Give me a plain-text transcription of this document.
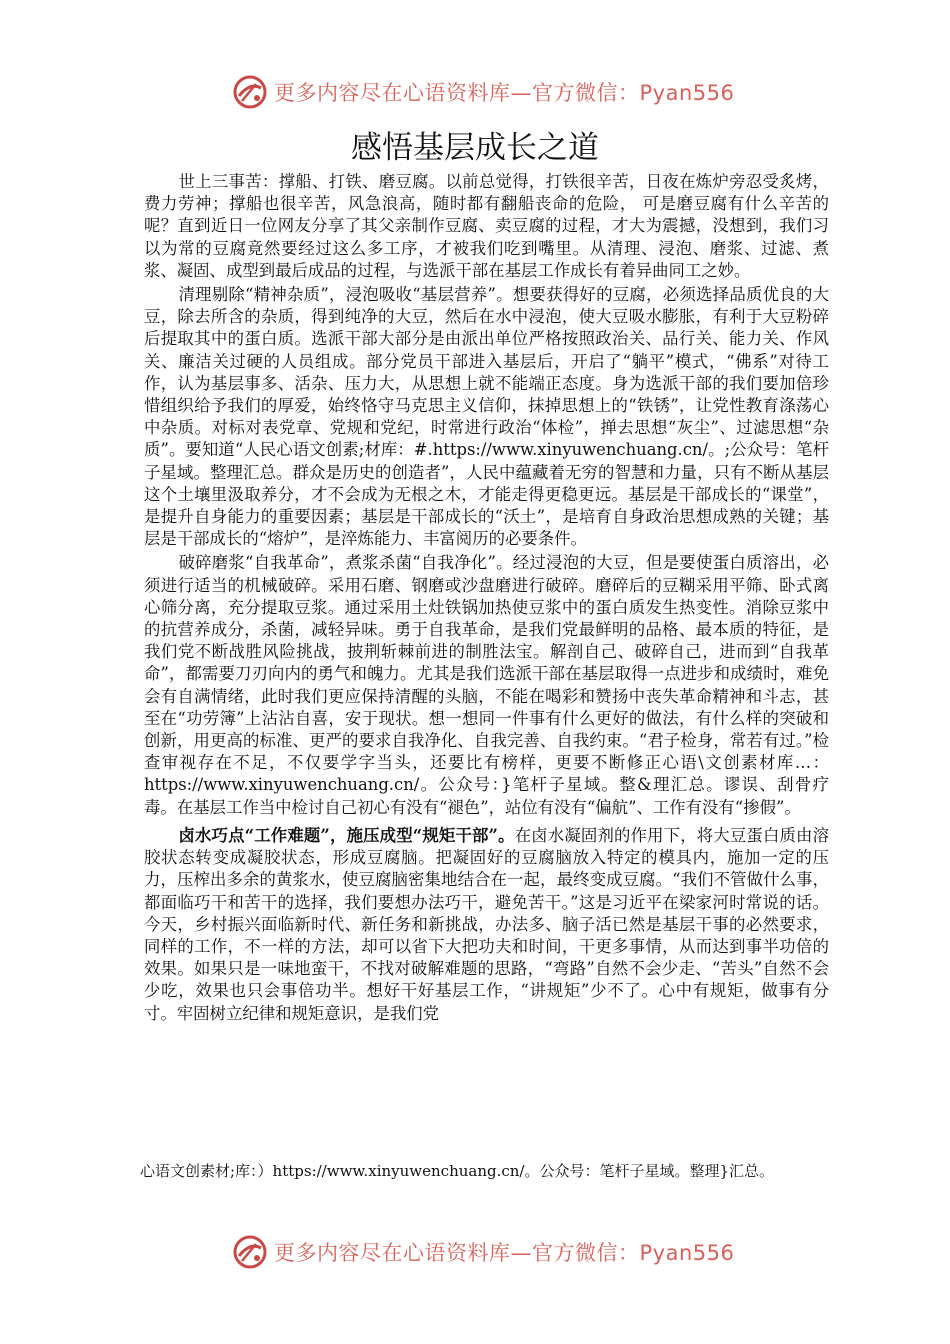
更多内容尽在心语资料库—官方微信：Pyan556
感悟基层成长之道

世上三事苦：撑船、打铁、磨豆腐。以前总觉得，打铁很辛苦，日夜在炼炉旁忍受炙烤，费力劳神；撑船也很辛苦，风急浪高，随时都有翻船丧命的危险， 可是磨豆腐有什么辛苦的呢？直到近日一位网友分享了其父亲制作豆腐、卖豆腐的过程，才大为震撼，没想到，我们习以为常的豆腐竟然要经过这么多工序，才被我们吃到嘴里。从清理、浸泡、磨浆、过滤、煮浆、凝固、成型到最后成品的过程，与选派干部在基层工作成长有着异曲同工之妙。

清理剔除“精神杂质”，浸泡吸收“基层营养”。想要获得好的豆腐，必须选择品质优良的大豆，除去所含的杂质，得到纯净的大豆，然后在水中浸泡，使大豆吸水膨胀，有利于大豆粉碎后提取其中的蛋白质。选派干部大部分是由派出单位严格按照政治关、品行关、能力关、作风关、廉洁关过硬的人员组成。部分党员干部进入基层后，开启了“躺平”模式，“佛系”对待工作，认为基层事多、活杂、压力大，从思想上就不能端正态度。身为选派干部的我们要加倍珍惜组织给予我们的厚爱，始终恪守马克思主义信仰，抹掉思想上的“铁锈”，让党性教育涤荡心中杂质。对标对表党章、党规和党纪，时常进行政治“体检”，掸去思想“灰尘”、过滤思想“杂质”。要知道“人民心语文创素;材库：#.https://www.xinyuwenchuang.cn/。;公众号：笔杆子星域。整理汇总。群众是历史的创造者”，人民中蕴藏着无穷的智慧和力量，只有不断从基层这个土壤里汲取养分，才不会成为无根之木，才能走得更稳更远。基层是干部成长的“课堂”，是提升自身能力的重要因素；基层是干部成长的“沃土”，是培育自身政治思想成熟的关键；基层是干部成长的“熔炉”，是淬炼能力、丰富阅历的必要条件。

破碎磨浆“自我革命”，煮浆杀菌“自我净化”。经过浸泡的大豆，但是要使蛋白质溶出，必须进行适当的机械破碎。采用石磨、钢磨或沙盘磨进行破碎。磨碎后的豆糊采用平筛、卧式离心筛分离，充分提取豆浆。通过采用土灶铁锅加热使豆浆中的蛋白质发生热变性。消除豆浆中的抗营养成分，杀菌，减轻异味。勇于自我革命，是我们党最鲜明的品格、最本质的特征，是我们党不断战胜风险挑战，披荆斩棘前进的制胜法宝。解剖自己、破碎自己，进而到“自我革命”，都需要刀刃向内的勇气和魄力。尤其是我们选派干部在基层取得一点进步和成绩时，难免会有自满情绪，此时我们更应保持清醒的头脑，不能在喝彩和赞扬中丧失革命精神和斗志，甚至在“功劳簿”上沾沾自喜，安于现状。想一想同一件事有什么更好的做法，有什么样的突破和创新，用更高的标准、更严的要求自我净化、自我完善、自我约束。“君子检身，常若有过。”检查审视存在不足，不仅要学字当头，还要比有榜样，更要不断修正心语\文创素材库…：https://www.xinyuwenchuang.cn/。公众号：}笔杆子星域。整&理汇总。谬误、刮骨疗毒。在基层工作当中检讨自己初心有没有“褪色”，站位有没有“偏航”、工作有没有“掺假”。

卤水巧点“工作难题”，施压成型“规矩干部”。在卤水凝固剂的作用下，将大豆蛋白质由溶胶状态转变成凝胶状态，形成豆腐脑。把凝固好的豆腐脑放入特定的模具内，施加一定的压力，压榨出多余的黄浆水，使豆腐脑密集地结合在一起，最终变成豆腐。“我们不管做什么事，都面临巧干和苦干的选择，我们要想办法巧干，避免苦干。”这是习近平在梁家河时常说的话。今天，乡村振兴面临新时代、新任务和新挑战，办法多、脑子活已然是基层干事的必然要求，同样的工作，不一样的方法，却可以省下大把功夫和时间，干更多事情，从而达到事半功倍的效果。如果只是一味地蛮干，不找对破解难题的思路，“弯路”自然不会少走、“苦头”自然不会少吃，效果也只会事倍功半。想好干好基层工作，“讲规矩”少不了。心中有规矩，做事有分寸。牢固树立纪律和规矩意识，是我们党

心语文创素材;库：）https://www.xinyuwenchuang.cn/。公众号：笔杆子星域。整理}汇总。

更多内容尽在心语资料库—官方微信：Pyan556
